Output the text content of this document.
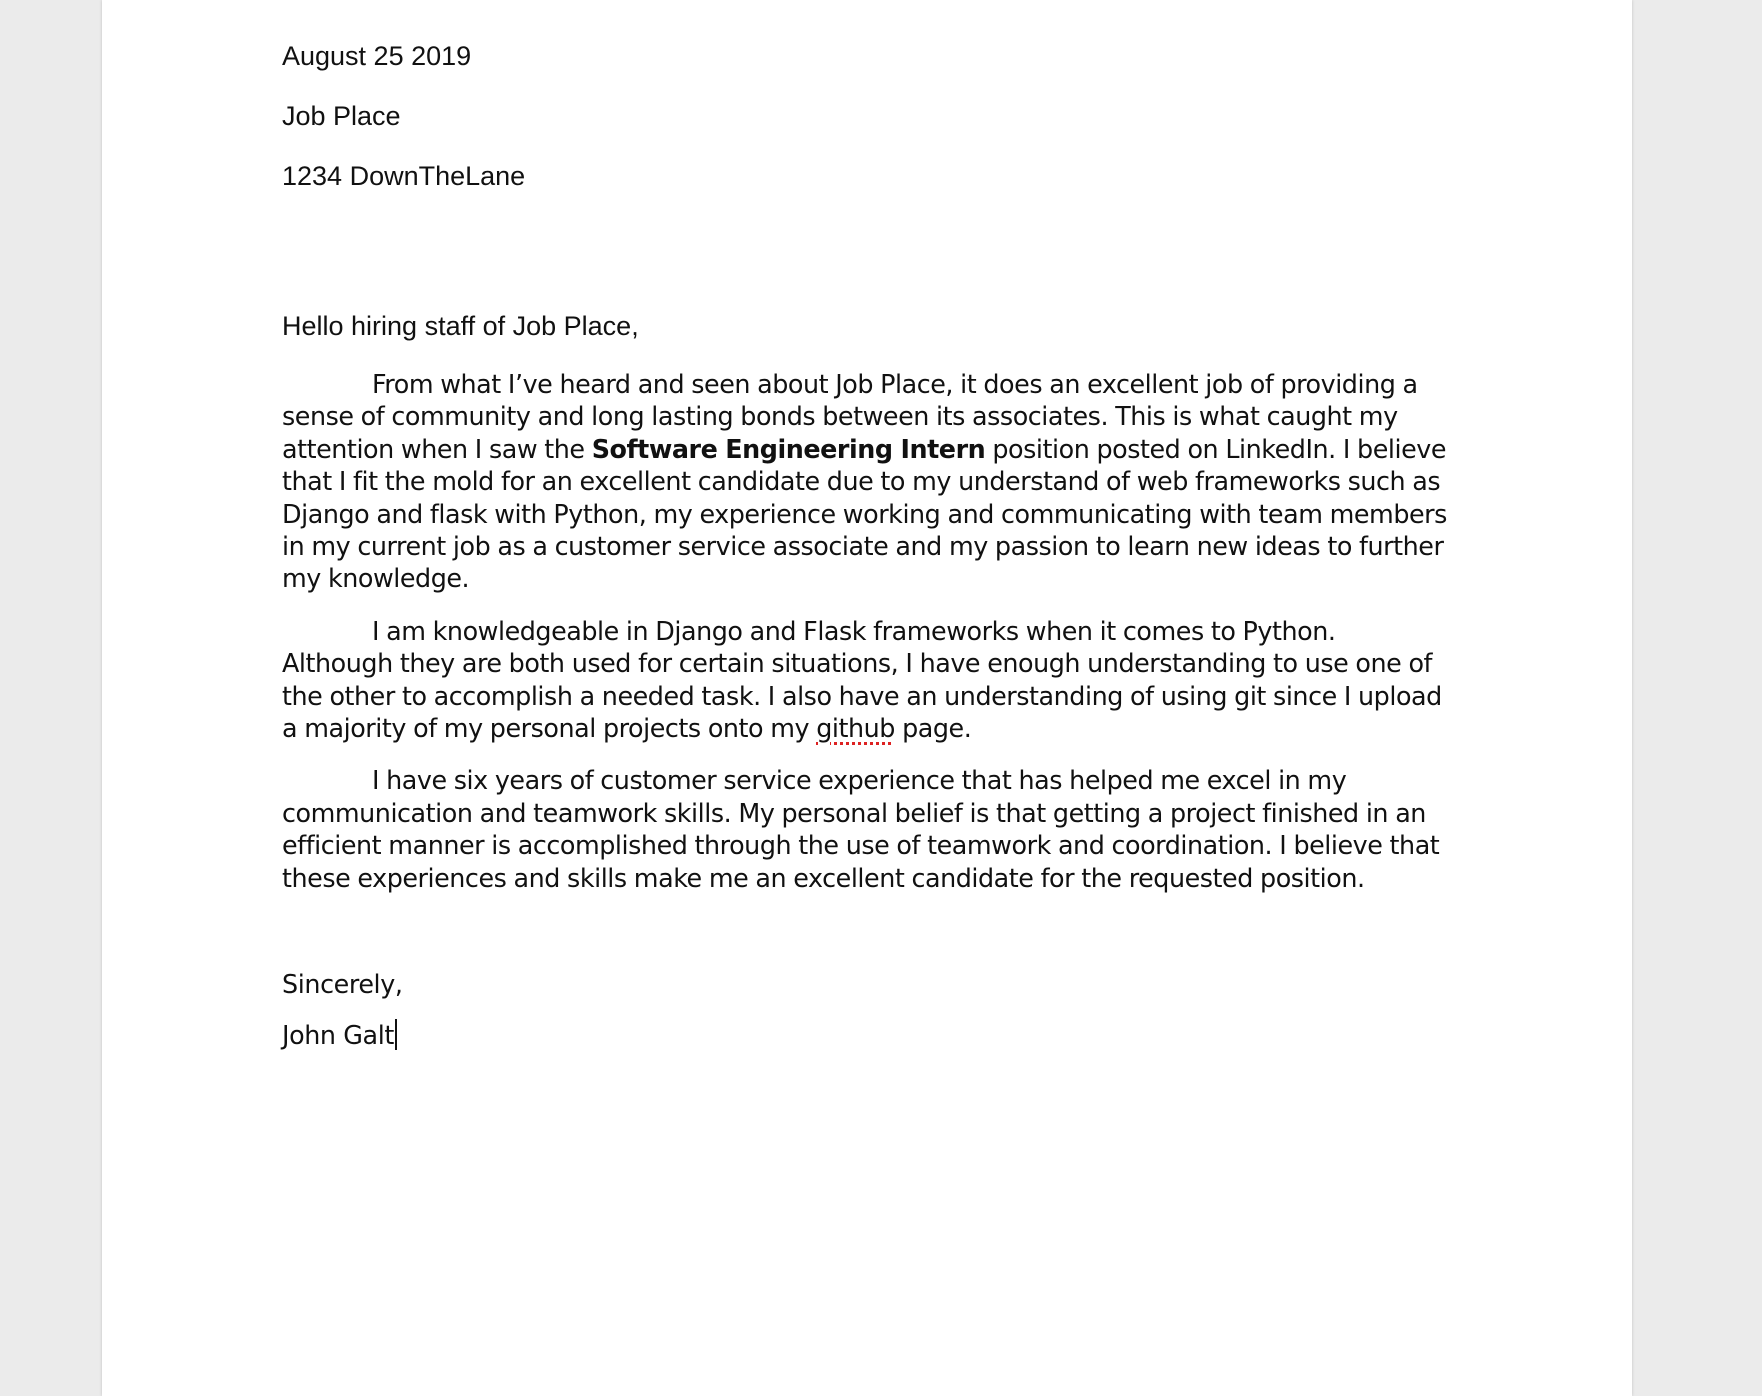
August 25 2019

Job Place

1234 DownTheLane

Hello hiring staff of Job Place,

From what I’ve heard and seen about Job Place, it does an excellent job of providing a sense of community and long lasting bonds between its associates. This is what caught my attention when I saw the Software Engineering Intern position posted on LinkedIn. I believe that I fit the mold for an excellent candidate due to my understand of web frameworks such as Django and flask with Python, my experience working and communicating with team members in my current job as a customer service associate and my passion to learn new ideas to further my knowledge.

I am knowledgeable in Django and Flask frameworks when it comes to Python. Although they are both used for certain situations, I have enough understanding to use one of the other to accomplish a needed task. I also have an understanding of using git since I upload a majority of my personal projects onto my github page.

I have six years of customer service experience that has helped me excel in my communication and teamwork skills. My personal belief is that getting a project finished in an efficient manner is accomplished through the use of teamwork and coordination. I believe that these experiences and skills make me an excellent candidate for the requested position.

Sincerely,

John Galt
